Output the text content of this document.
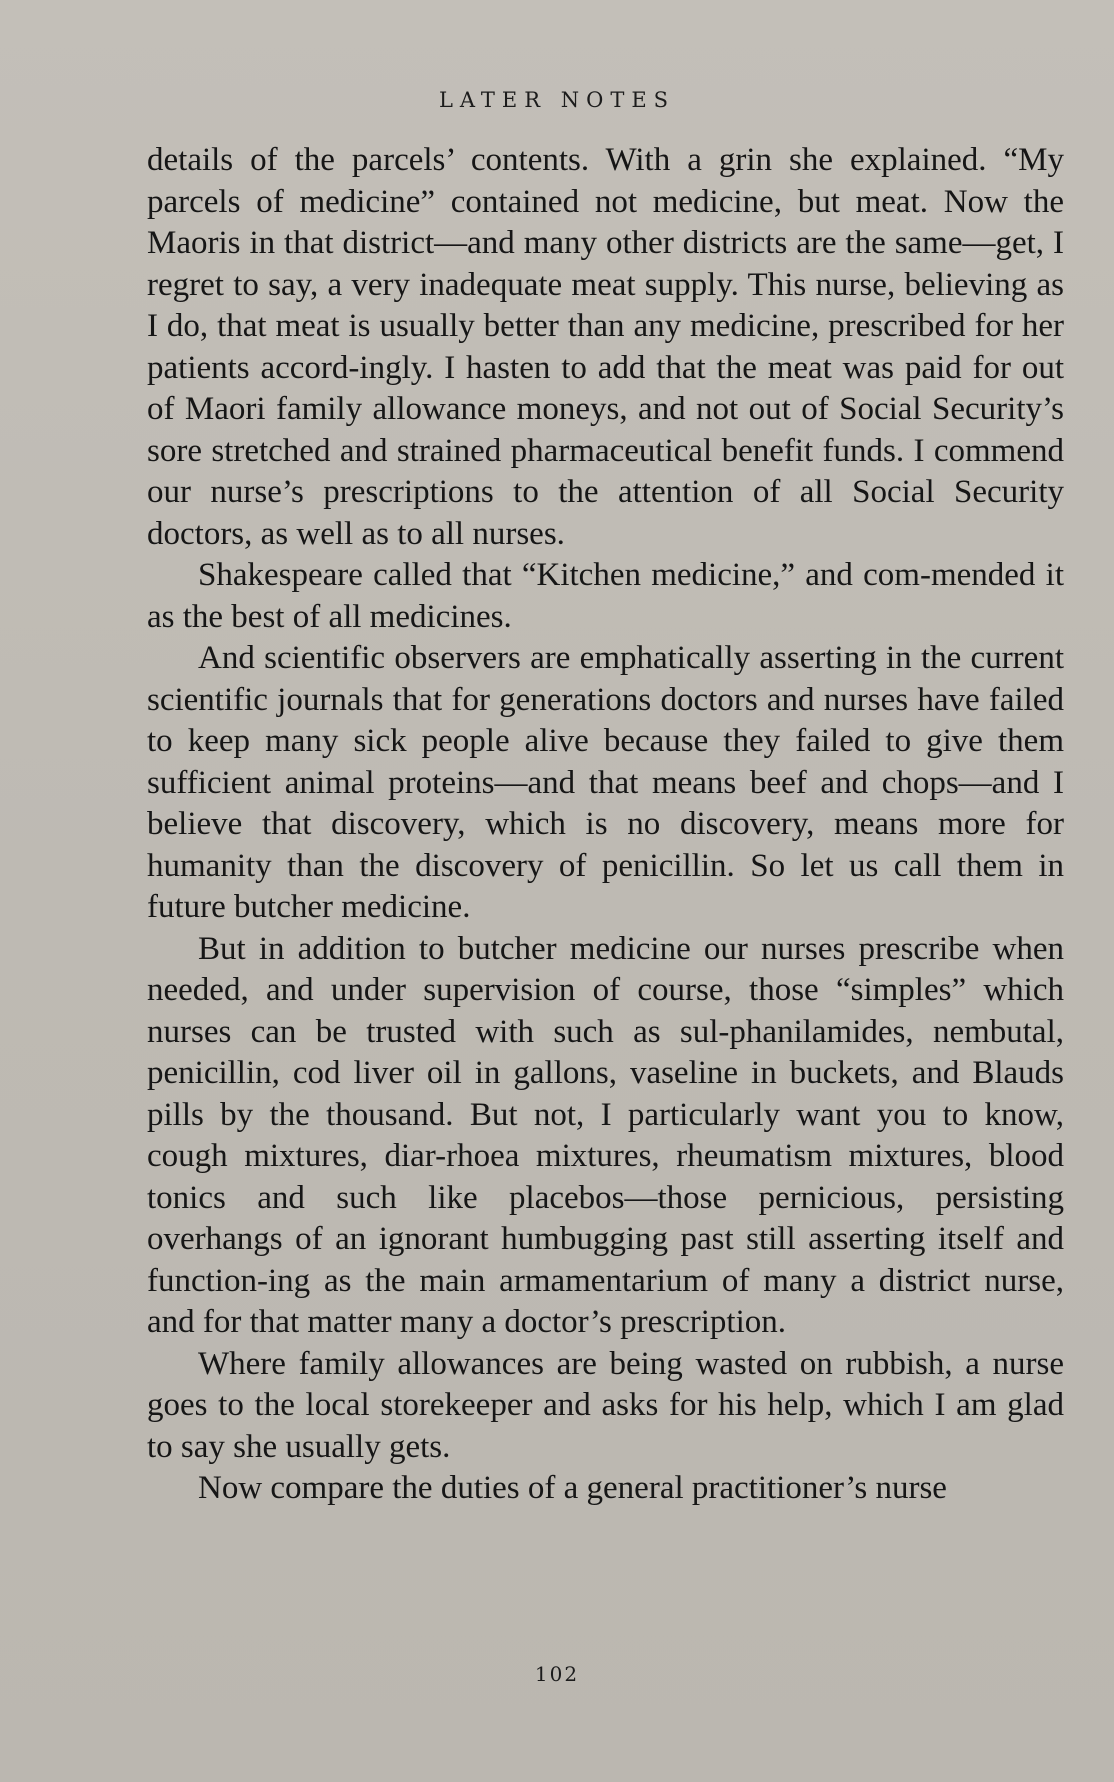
LATER NOTES

details of the parcels’ contents. With a grin she explained. “My parcels of medicine” contained not medicine, but meat. Now the Maoris in that district—and many other districts are the same—get, I regret to say, a very inadequate meat supply. This nurse, believing as I do, that meat is usually better than any medicine, prescribed for her patients accord-ingly. I hasten to add that the meat was paid for out of Maori family allowance moneys, and not out of Social Security’s sore stretched and strained pharmaceutical benefit funds. I commend our nurse’s prescriptions to the attention of all Social Security doctors, as well as to all nurses.

Shakespeare called that “Kitchen medicine,” and com-mended it as the best of all medicines.

And scientific observers are emphatically asserting in the current scientific journals that for generations doctors and nurses have failed to keep many sick people alive because they failed to give them sufficient animal proteins—and that means beef and chops—and I believe that discovery, which is no discovery, means more for humanity than the discovery of penicillin. So let us call them in future butcher medicine.

But in addition to butcher medicine our nurses prescribe when needed, and under supervision of course, those “simples” which nurses can be trusted with such as sul-phanilamides, nembutal, penicillin, cod liver oil in gallons, vaseline in buckets, and Blauds pills by the thousand. But not, I particularly want you to know, cough mixtures, diar-rhoea mixtures, rheumatism mixtures, blood tonics and such like placebos—those pernicious, persisting overhangs of an ignorant humbugging past still asserting itself and function-ing as the main armamentarium of many a district nurse, and for that matter many a doctor’s prescription.

Where family allowances are being wasted on rubbish, a nurse goes to the local storekeeper and asks for his help, which I am glad to say she usually gets.

Now compare the duties of a general practitioner’s nurse

102
